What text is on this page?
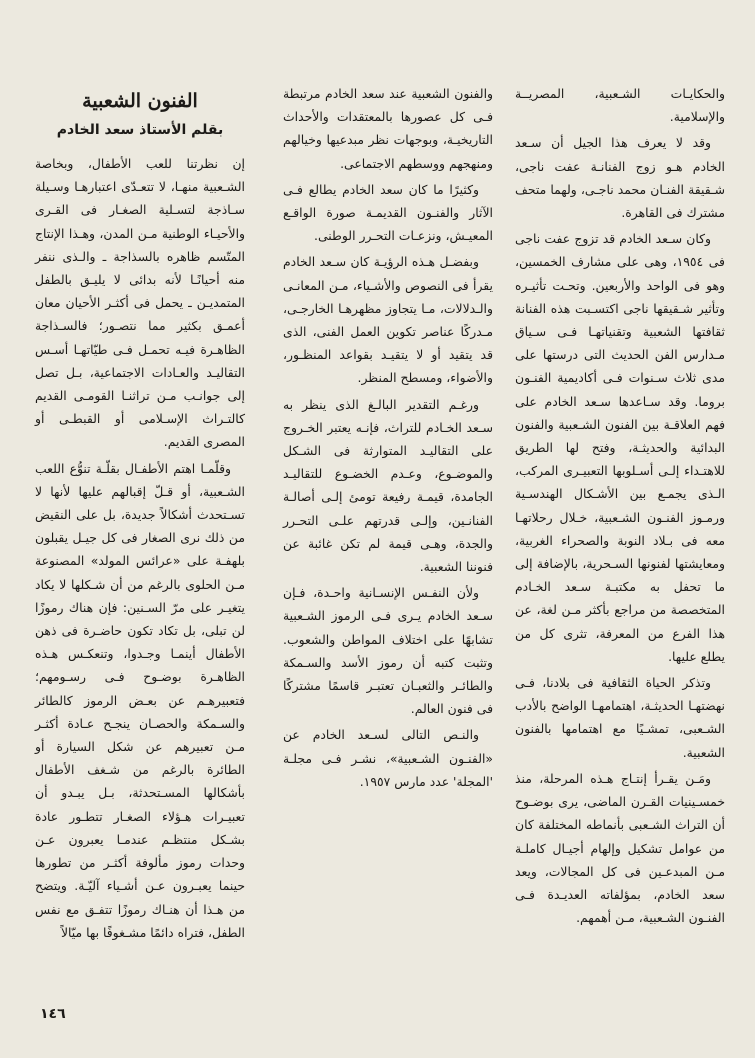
والحكايـات الشـعبية، المصريــة والإسلامية.

وقد لا يعرف هذا الجيل أن سـعد الخادم هـو زوج الفنانـة عفت ناجى، شـقيقة الفنـان محمد ناجـى، ولهما متحف مشترك فى القاهرة.

وكان سـعد الخادم قد تزوج عفت ناجى فى ١٩٥٤، وهى على مشارف الخمسين، وهو فى الواحد والأربعين. وتحـت تأثيـره وتأثير شـقيقها ناجى اكتسـبت هذه الفنانة ثقافتها الشعبية وتقنياتهـا فـى سـياق مـدارس الفن الحديث التى درستها على مدى ثلاث سـنوات فـى أكاديمية الفنـون بروما. وقد سـاعدها سـعد الخادم على فهم العلاقـة بين الفنون الشـعبية والفنون البدائية والحديثـة، وفتح لها الطريق للاهتـداء إلـى أسـلوبها التعبيـرى المركب، الـذى يجمـع بين الأشـكال الهندسـية ورمـوز الفنـون الشـعبية، خـلال رحلاتهـا معه فى بـلاد النوبة والصحراء الغربية، ومعايشتها لفنونها السـحرية، بالإضافة إلى ما تحفل به مكتبـة سـعد الخـادم المتخصصة من مراجع بأكثر مـن لغة، عن هذا الفرع من المعرفة، تثرى كل من يطلع عليها.

وتذكر الحياة الثقافية فى بلادنا، فـى نهضتهـا الحديثـة، اهتمامهـا الواضح بالأدب الشـعبى، تمشـيًا مع اهتمامها بالفنون الشعبية.

ومَـن يقـرأ إنتـاج هـذه المرحلة، منذ خمسـينيات القـرن الماضى، يرى بوضـوح أن التراث الشـعبى بأنماطه المختلفة كان من عوامل تشكيل وإلهام أجيـال كاملـة مـن المبدعـين فى كل المجالات، ويعد سعد الخادم، بمؤلفاته العديـدة فـى الفنـون الشـعبية، مـن أهمهم.

والفنون الشعبية عند سعد الخادم مرتبطة فـى كل عصورها بالمعتقدات والأحداث التاريخيـة، وبوجهات نظر مبدعيها وخيالهم ومنهجهم ووسطهم الاجتماعى.

وكثيرًا ما كان سعد الخادم يطالع فـى الآثار والفنـون القديمـة صورة الواقـع المعيـش، ونزعـات التحـرر الوطنى.

وبفضـل هـذه الرؤيـة كان سـعد الخادم يقرأ فى النصوص والأشـياء، مـن المعانـى والـدلالات، مـا يتجاوز مظهرهـا الخارجـى، مـدركًا عناصر تكوين العمل الفنى، الذى قد يتقيد أو لا يتقيـد بقواعد المنظـور، والأضواء، ومسطح المنظر.

ورغـم التقدير البالـغ الذى ينظر به سـعد الخـادم للتراث، فإنـه يعتبر الخـروج على التقاليـد المتوارثة فى الشـكل والموضـوع، وعـدم الخضـوع للتقاليـد الجامدة، قيمـة رفيعة تومئ إلـى أصالـة الفنانـين، وإلـى قدرتهم علـى التحـرر والجدة، وهـى قيمة لم تكن غائبة عن فنوننا الشعبية.

ولأن النفـس الإنسـانية واحـدة، فـإن سـعد الخادم يـرى فـى الرموز الشـعبية تشابهًا على اختلاف المواطن والشعوب. وتثبت كتبه أن رموز الأسد والسـمكة والطائـر والثعبـان تعتبـر قاسمًا مشتركًا فى فنون العالم.

والنـص التالى لسـعد الخادم عن «الفنـون الشـعبية»، نشـر فـى مجلـة 'المجلة' عدد مارس ١٩٥٧.

الفنون الشعبية
بقلم الأستاذ سعد الخادم

إن نظرتنا للعب الأطفال، وبخاصة الشـعبية منهـا، لا تتعـدّى اعتبارهـا وسـيلة سـاذجة لتسـلية الصغـار فى القـرى والأحيـاء الوطنية مـن المدن، وهـذا الإنتاج المتّسم ظاهره بالسذاجة ـ والـذى ننفر منه أحيانًـا لأنه بدائى لا يليـق بالطفل المتمديـن ـ يحمل فى أكثـر الأحيان معان أعمـق بكثير مما نتصـور؛ فالسـذاجة الظاهـرة فيـه تحمـل فـى طيّاتهـا أسـس التقاليـد والعـادات الاجتماعية، بـل تصل إلى جوانـب مـن تراثنـا القومـى القديم كالتـراث الإسـلامى أو القبطـى أو المصرى القديم.

وقلّمـا اهتم الأطفـال بقلّـة تنوُّع اللعب الشـعبية، أو قـلّ إقبالهم عليها لأنها لا تسـتحدث أشكالاً جديدة، بل على النقيض من ذلك نرى الصغار فى كل جيـل يقبلون بلهفـة على «عرائس المولد» المصنوعة مـن الحلوى بالرغم من أن شـكلها لا يكاد يتغيـر على مرّ السـنين: فإن هناك رموزًا لن تبلى، بل تكاد تكون حاضـرة فى ذهن الأطفال أينمـا وجـدوا، وتنعكـس هـذه الظاهـرة بوضـوح فـى رسـومهم؛ فتعبيرهـم عن بعـض الرموز كالطائر والسـمكة والحصـان ينجـح عـادة أكثـر مـن تعبيرهم عن شكل السيارة أو الطائرة بالرغم من شـغف الأطفال بأشكالها المسـتحدثة، بـل يبـدو أن تعبيـرات هـؤلاء الصغـار تتطـور عادة بشـكل منتظـم عندمـا يعبرون عـن وحدات رموز مألوفة أكثـر من تطورها حينما يعبـرون عـن أشـياء آليّـة. ويتضح من هـذا أن هنـاك رموزًا تتفـق مع نفس الطفل، فتراه دائمًا مشـغوفًا بها ميّالاً

١٤٦
